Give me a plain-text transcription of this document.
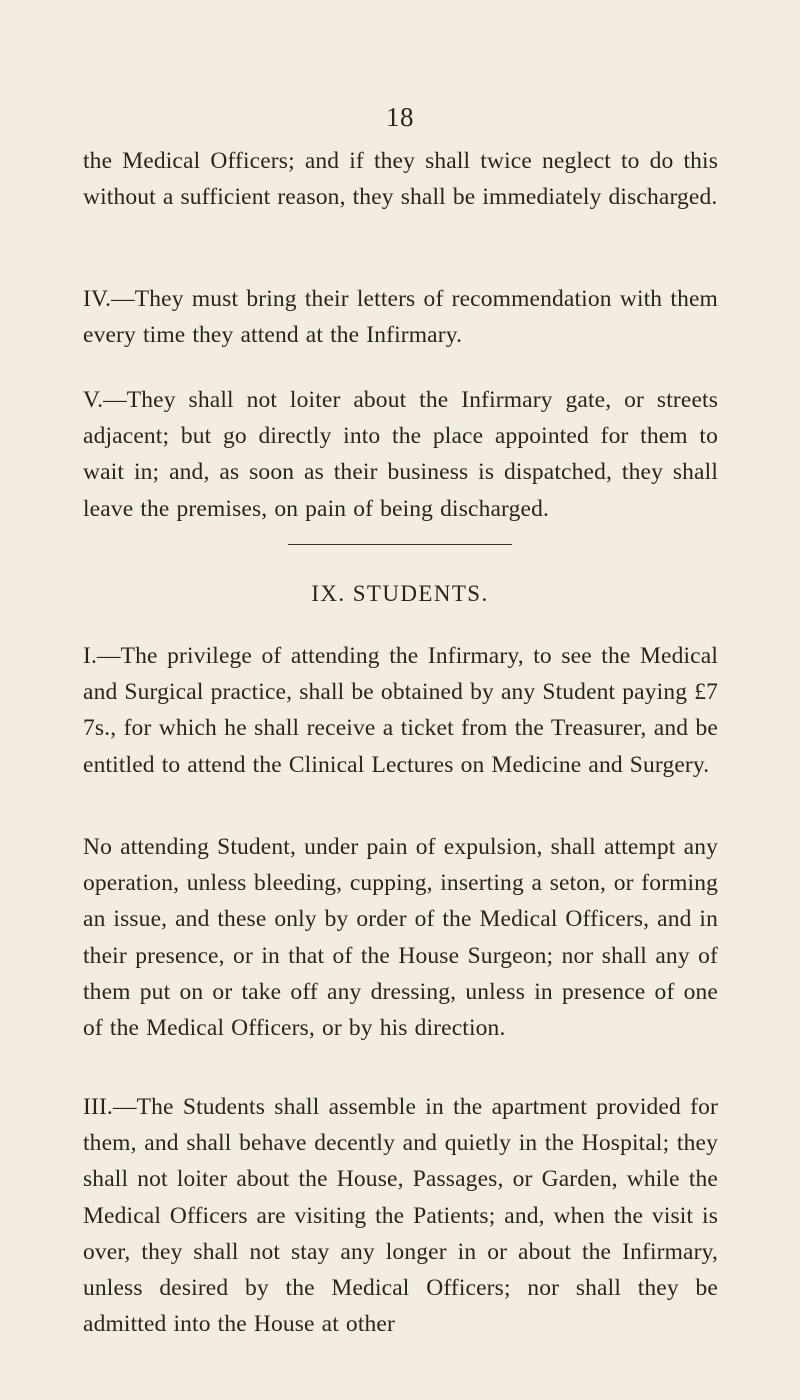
18

the Medical Officers; and if they shall twice neglect to do this without a sufficient reason, they shall be immediately discharged.

IV.—They must bring their letters of recommendation with them every time they attend at the Infirmary.

V.—They shall not loiter about the Infirmary gate, or streets adjacent; but go directly into the place appointed for them to wait in; and, as soon as their business is dispatched, they shall leave the premises, on pain of being discharged.

IX. STUDENTS.

I.—The privilege of attending the Infirmary, to see the Medical and Surgical practice, shall be obtained by any Student paying £7 7s., for which he shall receive a ticket from the Treasurer, and be entitled to attend the Clinical Lectures on Medicine and Surgery.

No attending Student, under pain of expulsion, shall attempt any operation, unless bleeding, cupping, inserting a seton, or forming an issue, and these only by order of the Medical Officers, and in their presence, or in that of the House Surgeon; nor shall any of them put on or take off any dressing, unless in presence of one of the Medical Officers, or by his direction.

III.—The Students shall assemble in the apartment provided for them, and shall behave decently and quietly in the Hospital; they shall not loiter about the House, Passages, or Garden, while the Medical Officers are visiting the Patients; and, when the visit is over, they shall not stay any longer in or about the Infirmary, unless desired by the Medical Officers; nor shall they be admitted into the House at other
